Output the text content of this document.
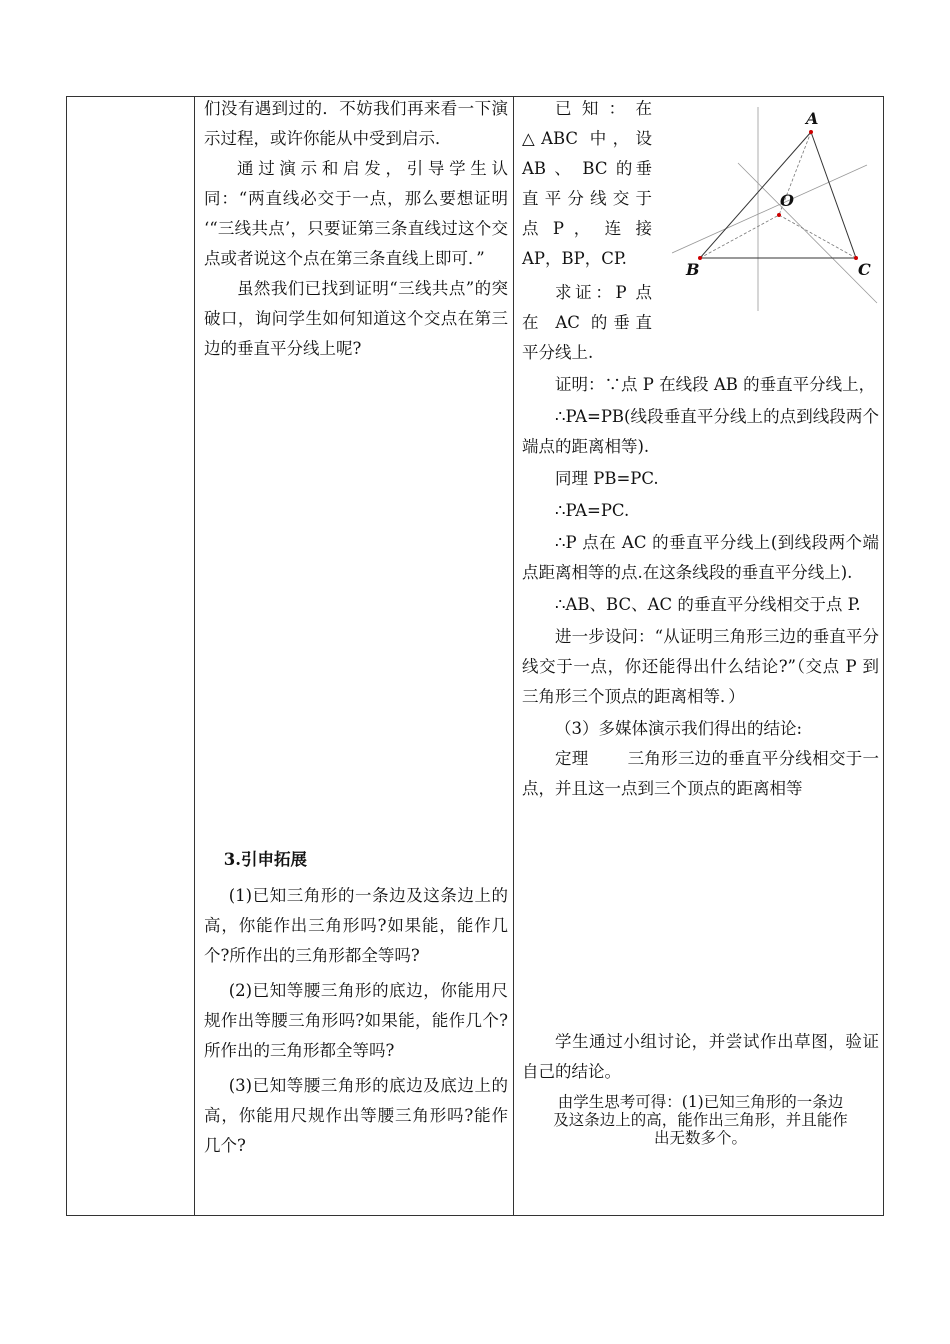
们没有遇到过的．不妨我们再来看一下演示过程，或许你能从中受到启示．

通过演示和启发，引导学生认同：“两直线必交于一点，那么要想证明 ‘“三线共点’，只要证第三条直线过这个交点或者说这个点在第三条直线上即可．”

虽然我们已找到证明“三线共点”的突破口，询问学生如何知道这个交点在第三边的垂直平分线上呢?

3.引申拓展

(1)已知三角形的一条边及这条边上的高，你能作出三角形吗?如果能，能作几个?所作出的三角形都全等吗?

(2)已知等腰三角形的底边，你能用尺规作出等腰三角形吗?如果能，能作几个?所作出的三角形都全等吗?

(3)已知等腰三角形的底边及底边上的高，你能用尺规作出等腰三角形吗?能作几个?

已 知 ： 在

△ABC 中，设

AB 、 BC 的垂

直平分线交于

点 P ， 连 接

AP，BP，CP.

求证：P 点

在 AC 的垂直

平分线上.

A
O
B	C

证明：∵点 P 在线段 AB 的垂直平分线上，

∴PA=PB(线段垂直平分线上的点到线段两个端点的距离相等).

同理 PB=PC.

∴PA=PC.

∴P 点在 AC 的垂直平分线上(到线段两个端点距离相等的点.在这条线段的垂直平分线上).

∴AB、BC、AC 的垂直平分线相交于点 P.

进一步设问：“从证明三角形三边的垂直平分线交于一点，你还能得出什么结论?”（交点 P 到三角形三个顶点的距离相等．）

（3）多媒体演示我们得出的结论:

定理 　　三角形三边的垂直平分线相交于一点，并且这一点到三个顶点的距离相等

学生通过小组讨论，并尝试作出草图，验证自己的结论。

由学生思考可得：(1)已知三角形的一条边

及这条边上的高，能作出三角形，并且能作

出无数多个。
